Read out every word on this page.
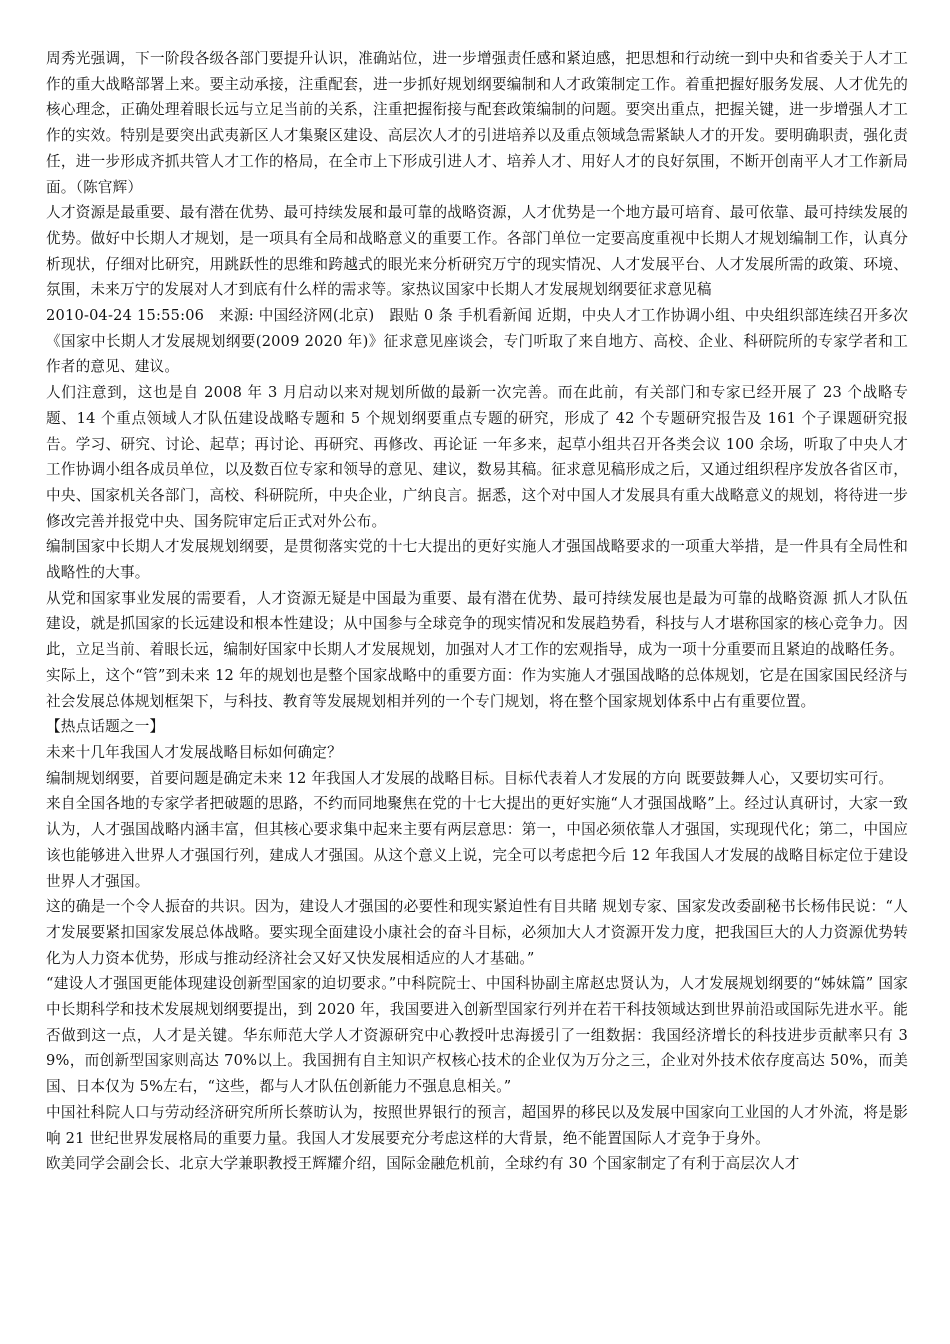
周秀光强调，下一阶段各级各部门要提升认识，准确站位，进一步增强责任感和紧迫感，把思想和行动统一到中央和省委关于人才工作的重大战略部署上来。要主动承接，注重配套，进一步抓好规划纲要编制和人才政策制定工作。着重把握好服务发展、人才优先的核心理念，正确处理着眼长远与立足当前的关系，注重把握衔接与配套政策编制的问题。要突出重点，把握关键，进一步增强人才工作的实效。特别是要突出武夷新区人才集聚区建设、高层次人才的引进培养以及重点领域急需紧缺人才的开发。要明确职责，强化责任，进一步形成齐抓共管人才工作的格局，在全市上下形成引进人才、培养人才、用好人才的良好氛围，不断开创南平人才工作新局面。（陈官辉）

人才资源是最重要、最有潜在优势、最可持续发展和最可靠的战略资源，人才优势是一个地方最可培育、最可依靠、最可持续发展的优势。做好中长期人才规划，是一项具有全局和战略意义的重要工作。各部门单位一定要高度重视中长期人才规划编制工作，认真分析现状，仔细对比研究，用跳跃性的思维和跨越式的眼光来分析研究万宁的现实情况、人才发展平台、人才发展所需的政策、环境、氛围，未来万宁的发展对人才到底有什么样的需求等。家热议国家中长期人才发展规划纲要征求意见稿

2010-04-24 15:55:06　来源: 中国经济网(北京)　跟贴 0 条 手机看新闻 近期，中央人才工作协调小组、中央组织部连续召开多次《国家中长期人才发展规划纲要(2009 2020 年)》征求意见座谈会，专门听取了来自地方、高校、企业、科研院所的专家学者和工作者的意见、建议。

人们注意到，这也是自 2008 年 3 月启动以来对规划所做的最新一次完善。而在此前，有关部门和专家已经开展了 23 个战略专题、14 个重点领域人才队伍建设战略专题和 5 个规划纲要重点专题的研究，形成了 42 个专题研究报告及 161 个子课题研究报告。学习、研究、讨论、起草；再讨论、再研究、再修改、再论证 一年多来，起草小组共召开各类会议 100 余场，听取了中央人才工作协调小组各成员单位，以及数百位专家和领导的意见、建议，数易其稿。征求意见稿形成之后，又通过组织程序发放各省区市，中央、国家机关各部门，高校、科研院所，中央企业，广纳良言。据悉，这个对中国人才发展具有重大战略意义的规划，将待进一步修改完善并报党中央、国务院审定后正式对外公布。

编制国家中长期人才发展规划纲要，是贯彻落实党的十七大提出的更好实施人才强国战略要求的一项重大举措，是一件具有全局性和战略性的大事。

从党和国家事业发展的需要看，人才资源无疑是中国最为重要、最有潜在优势、最可持续发展也是最为可靠的战略资源 抓人才队伍建设，就是抓国家的长远建设和根本性建设；从中国参与全球竞争的现实情况和发展趋势看，科技与人才堪称国家的核心竞争力。因此，立足当前、着眼长远，编制好国家中长期人才发展规划，加强对人才工作的宏观指导，成为一项十分重要而且紧迫的战略任务。

实际上，这个“管”到未来 12 年的规划也是整个国家战略中的重要方面：作为实施人才强国战略的总体规划，它是在国家国民经济与社会发展总体规划框架下，与科技、教育等发展规划相并列的一个专门规划，将在整个国家规划体系中占有重要位置。

【热点话题之一】

未来十几年我国人才发展战略目标如何确定？

编制规划纲要，首要问题是确定未来 12 年我国人才发展的战略目标。目标代表着人才发展的方向 既要鼓舞人心，又要切实可行。

来自全国各地的专家学者把破题的思路，不约而同地聚焦在党的十七大提出的更好实施“人才强国战略”上。经过认真研讨，大家一致认为，人才强国战略内涵丰富，但其核心要求集中起来主要有两层意思：第一，中国必须依靠人才强国，实现现代化；第二，中国应该也能够进入世界人才强国行列，建成人才强国。从这个意义上说，完全可以考虑把今后 12 年我国人才发展的战略目标定位于建设世界人才强国。

这的确是一个令人振奋的共识。因为，建设人才强国的必要性和现实紧迫性有目共睹 规划专家、国家发改委副秘书长杨伟民说：“人才发展要紧扣国家发展总体战略。要实现全面建设小康社会的奋斗目标，必须加大人才资源开发力度，把我国巨大的人力资源优势转化为人力资本优势，形成与推动经济社会又好又快发展相适应的人才基础。”

“建设人才强国更能体现建设创新型国家的迫切要求。”中科院院士、中国科协副主席赵忠贤认为，人才发展规划纲要的“姊妹篇” 国家中长期科学和技术发展规划纲要提出，到 2020 年，我国要进入创新型国家行列并在若干科技领域达到世界前沿或国际先进水平。能否做到这一点，人才是关键。华东师范大学人才资源研究中心教授叶忠海援引了一组数据：我国经济增长的科技进步贡献率只有 39%，而创新型国家则高达 70%以上。我国拥有自主知识产权核心技术的企业仅为万分之三，企业对外技术依存度高达 50%，而美国、日本仅为 5%左右，“这些，都与人才队伍创新能力不强息息相关。”

中国社科院人口与劳动经济研究所所长蔡昉认为，按照世界银行的预言，超国界的移民以及发展中国家向工业国的人才外流，将是影响 21 世纪世界发展格局的重要力量。我国人才发展要充分考虑这样的大背景，绝不能置国际人才竞争于身外。

欧美同学会副会长、北京大学兼职教授王辉耀介绍，国际金融危机前，全球约有 30 个国家制定了有利于高层次人才
